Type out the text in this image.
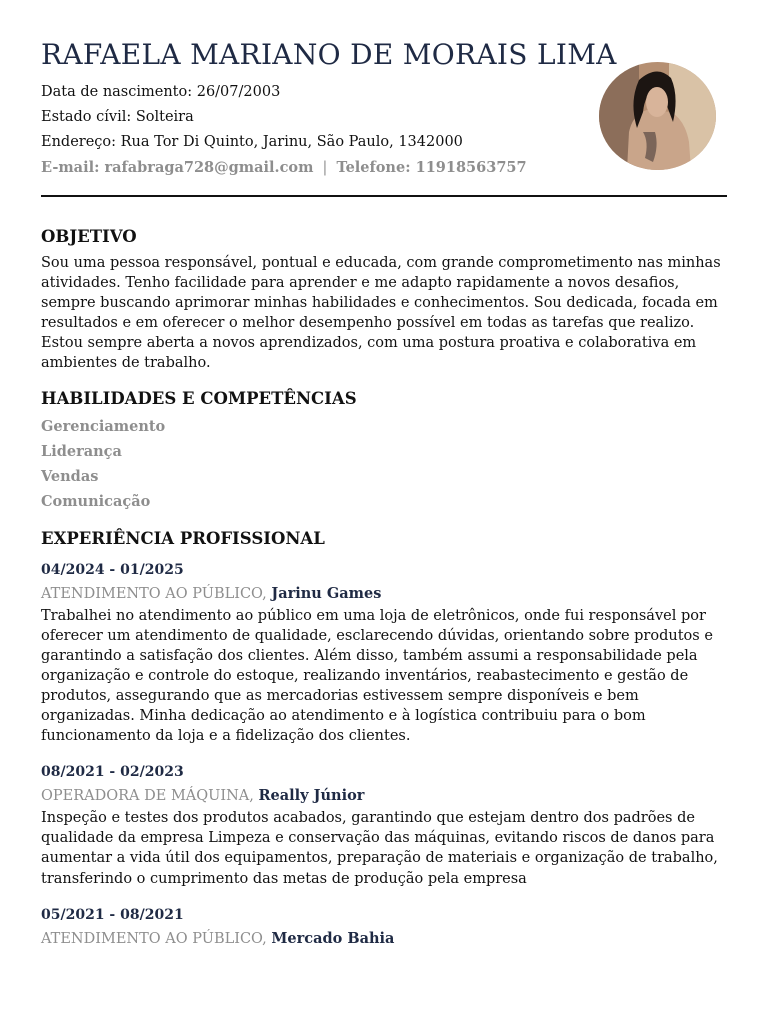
RAFAELA MARIANO DE MORAIS LIMA
Data de nascimento: 26/07/2003
Estado cívil: Solteira
Endereço: Rua Tor Di Quinto, Jarinu, São Paulo, 1342000
E-mail: rafabraga728@gmail.com | Telefone: 11918563757
OBJETIVO

Sou uma pessoa responsável, pontual e educada, com grande comprometimento nas minhas atividades. Tenho facilidade para aprender e me adapto rapidamente a novos desafios, sempre buscando aprimorar minhas habilidades e conhecimentos. Sou dedicada, focada em resultados e em oferecer o melhor desempenho possível em todas as tarefas que realizo. Estou sempre aberta a novos aprendizados, com uma postura proativa e colaborativa em ambientes de trabalho.

HABILIDADES E COMPETÊNCIAS
Gerenciamento
Liderança
Vendas
Comunicação
EXPERIÊNCIA PROFISSIONAL
04/2024 - 01/2025
ATENDIMENTO AO PÚBLICO, Jarinu Games

Trabalhei no atendimento ao público em uma loja de eletrônicos, onde fui responsável por oferecer um atendimento de qualidade, esclarecendo dúvidas, orientando sobre produtos e garantindo a satisfação dos clientes. Além disso, também assumi a responsabilidade pela organização e controle do estoque, realizando inventários, reabastecimento e gestão de produtos, assegurando que as mercadorias estivessem sempre disponíveis e bem organizadas. Minha dedicação ao atendimento e à logística contribuiu para o bom funcionamento da loja e a fidelização dos clientes.

08/2021 - 02/2023
OPERADORA DE MÁQUINA, Really Júnior

Inspeção e testes dos produtos acabados, garantindo que estejam dentro dos padrões de qualidade da empresa Limpeza e conservação das máquinas, evitando riscos de danos para aumentar a vida útil dos equipamentos, preparação de materiais e organização de trabalho, transferindo o cumprimento das metas de produção pela empresa

05/2021 - 08/2021
ATENDIMENTO AO PÚBLICO, Mercado Bahia
